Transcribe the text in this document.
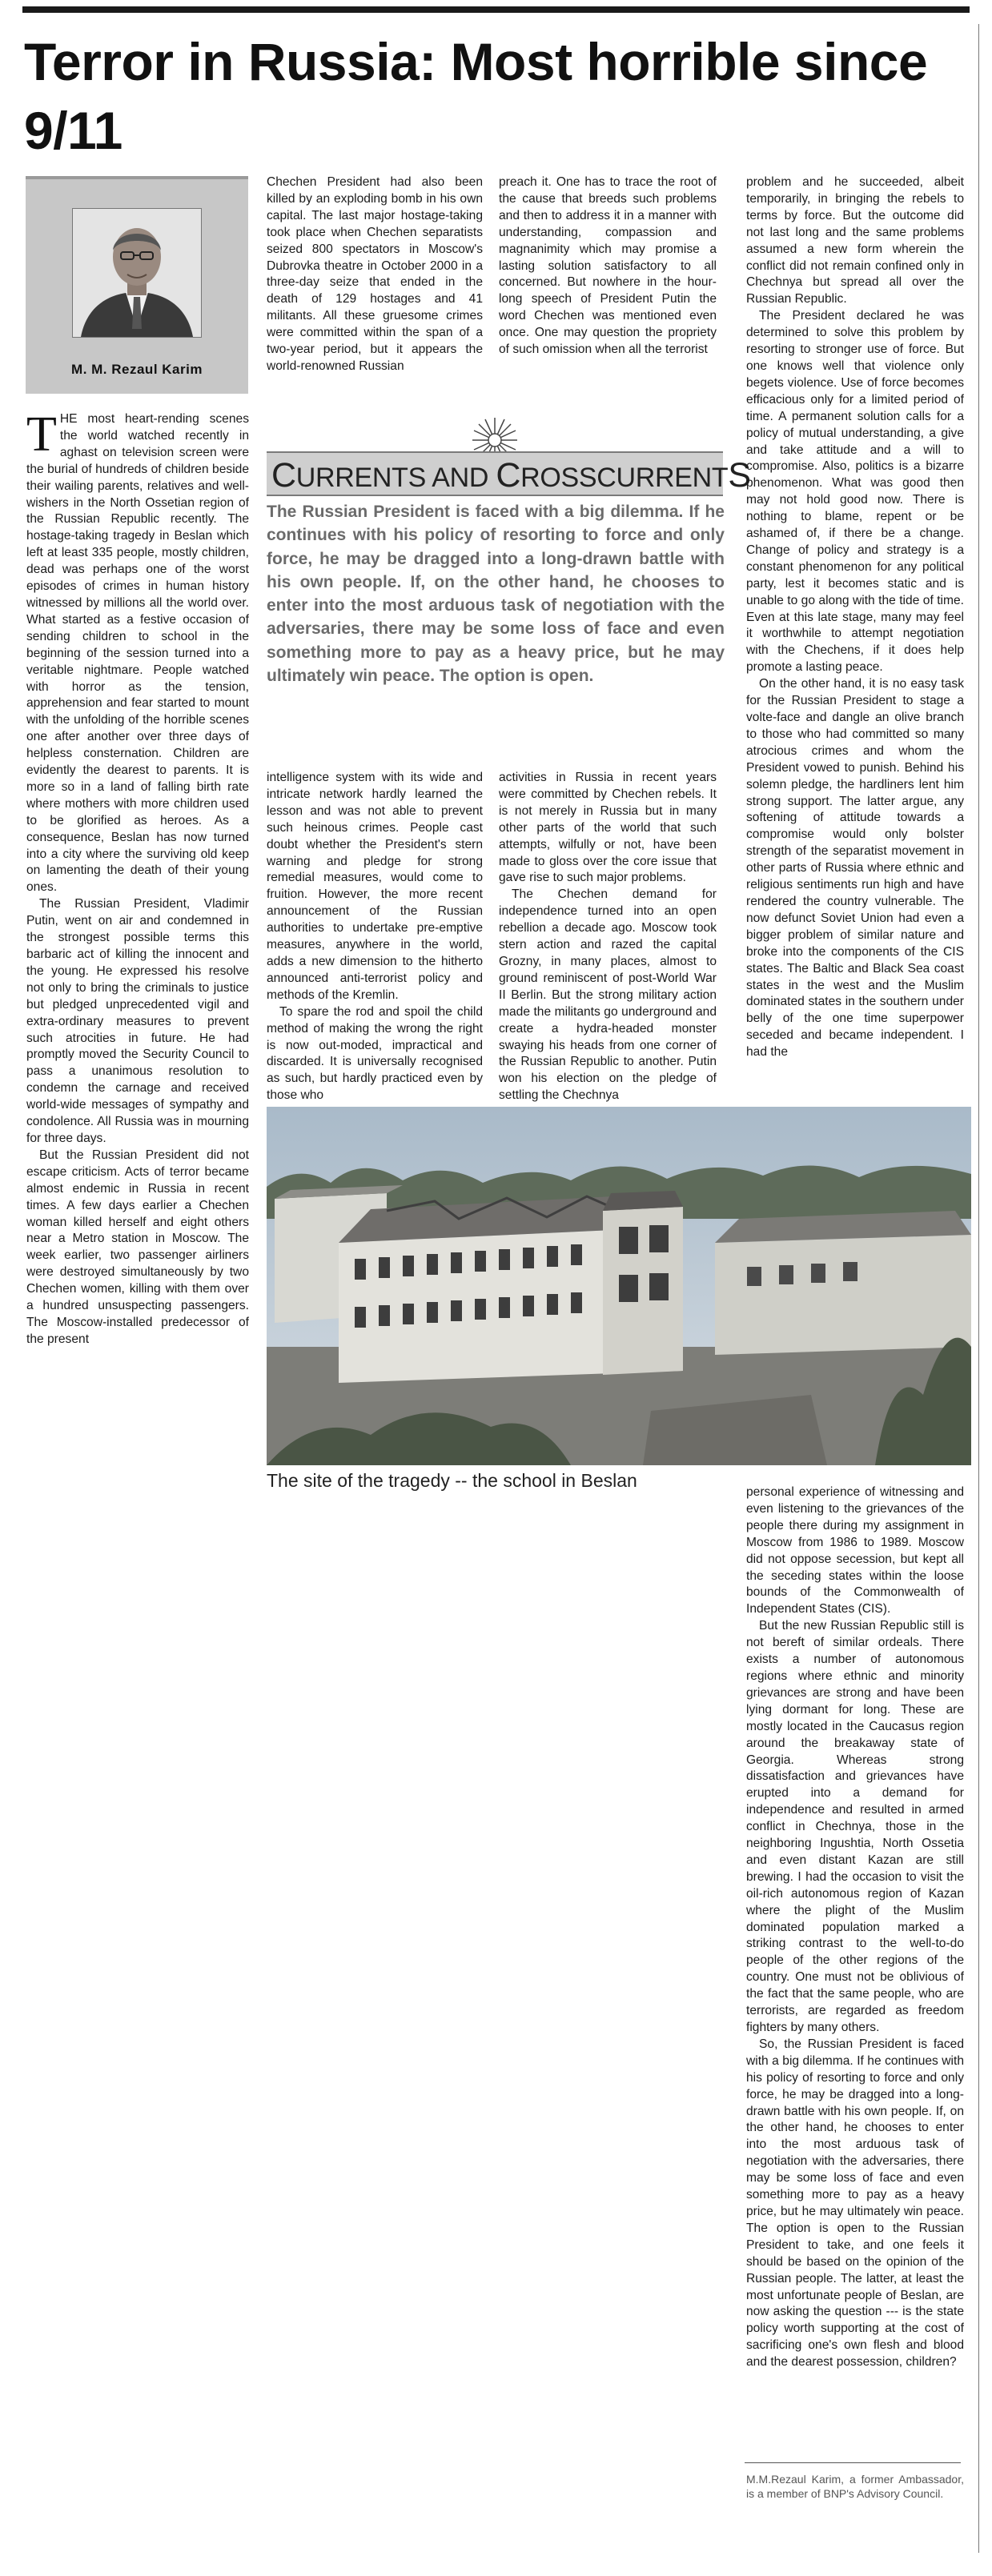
Terror in Russia: Most horrible since 9/11
M. M. Rezaul Karim

THE most heart-rending scenes the world watched recently in aghast on television screen were the burial of hundreds of children beside their wailing parents, relatives and well-wishers in the North Ossetian region of the Russian Republic recently. The hostage-taking tragedy in Beslan which left at least 335 people, mostly children, dead was perhaps one of the worst episodes of crimes in human history witnessed by millions all the world over. What started as a festive occasion of sending children to school in the beginning of the session turned into a veritable nightmare. People watched with horror as the tension, apprehension and fear started to mount with the unfolding of the horrible scenes one after another over three days of helpless consternation. Children are evidently the dearest to parents. It is more so in a land of falling birth rate where mothers with more children used to be glorified as heroes. As a consequence, Beslan has now turned into a city where the surviving old keep on lamenting the death of their young ones.

The Russian President, Vladimir Putin, went on air and condemned in the strongest possible terms this barbaric act of killing the innocent and the young. He expressed his resolve not only to bring the criminals to justice but pledged unprecedented vigil and extra-ordinary measures to prevent such atrocities in future. He had promptly moved the Security Council to pass a unanimous resolution to condemn the carnage and received world-wide messages of sympathy and condolence. All Russia was in mourning for three days.

But the Russian President did not escape criticism. Acts of terror became almost endemic in Russia in recent times. A few days earlier a Chechen woman killed herself and eight others near a Metro station in Moscow. The week earlier, two passenger airliners were destroyed simultaneously by two Chechen women, killing with them over a hundred unsuspecting passengers. The Moscow-installed predecessor of the present

Chechen President had also been killed by an exploding bomb in his own capital. The last major hostage-taking took place when Chechen separatists seized 800 spectators in Moscow's Dubrovka theatre in October 2000 in a three-day seize that ended in the death of 129 hostages and 41 militants. All these gruesome crimes were committed within the span of a two-year period, but it appears the world-renowned Russian

preach it. One has to trace the root of the cause that breeds such problems and then to address it in a manner with understanding, compassion and magnanimity which may promise a lasting solution satisfactory to all concerned. But nowhere in the hour-long speech of President Putin the word Chechen was mentioned even once. One may question the propriety of such omission when all the terrorist

CURRENTS AND CROSSCURRENTS

The Russian President is faced with a big dilemma. If he continues with his policy of resorting to force and only force, he may be dragged into a long-drawn battle with his own people. If, on the other hand, he chooses to enter into the most arduous task of negotiation with the adversaries, there may be some loss of face and even something more to pay as a heavy price, but he may ultimately win peace. The option is open.

intelligence system with its wide and intricate network hardly learned the lesson and was not able to prevent such heinous crimes. People cast doubt whether the President's stern warning and pledge for strong remedial measures, would come to fruition. However, the more recent announcement of the Russian authorities to undertake pre-emptive measures, anywhere in the world, adds a new dimension to the hitherto announced anti-terrorist policy and methods of the Kremlin.

To spare the rod and spoil the child method of making the wrong the right is now out-moded, impractical and discarded. It is universally recognised as such, but hardly practiced even by those who

activities in Russia in recent years were committed by Chechen rebels. It is not merely in Russia but in many other parts of the world that such attempts, wilfully or not, have been made to gloss over the core issue that gave rise to such major problems.

The Chechen demand for independence turned into an open rebellion a decade ago. Moscow took stern action and razed the capital Grozny, in many places, almost to ground reminiscent of post-World War II Berlin. But the strong military action made the militants go underground and create a hydra-headed monster swaying his heads from one corner of the Russian Republic to another. Putin won his election on the pledge of settling the Chechnya

problem and he succeeded, albeit temporarily, in bringing the rebels to terms by force. But the outcome did not last long and the same problems assumed a new form wherein the conflict did not remain confined only in Chechnya but spread all over the Russian Republic.

The President declared he was determined to solve this problem by resorting to stronger use of force. But one knows well that violence only begets violence. Use of force becomes efficacious only for a limited period of time. A permanent solution calls for a policy of mutual understanding, a give and take attitude and a will to compromise. Also, politics is a bizarre phenomenon. What was good then may not hold good now. There is nothing to blame, repent or be ashamed of, if there be a change. Change of policy and strategy is a constant phenomenon for any political party, lest it becomes static and is unable to go along with the tide of time. Even at this late stage, many may feel it worthwhile to attempt negotiation with the Chechens, if it does help promote a lasting peace.

On the other hand, it is no easy task for the Russian President to stage a volte-face and dangle an olive branch to those who had committed so many atrocious crimes and whom the President vowed to punish. Behind his solemn pledge, the hardliners lent him strong support. The latter argue, any softening of attitude towards a compromise would only bolster strength of the separatist movement in other parts of Russia where ethnic and religious sentiments run high and have rendered the country vulnerable. The now defunct Soviet Union had even a bigger problem of similar nature and broke into the components of the CIS states. The Baltic and Black Sea coast states in the west and the Muslim dominated states in the southern under belly of the one time superpower seceded and became independent. I had the

The site of the tragedy -- the school in Beslan

personal experience of witnessing and even listening to the grievances of the people there during my assignment in Moscow from 1986 to 1989. Moscow did not oppose secession, but kept all the seceding states within the loose bounds of the Commonwealth of Independent States (CIS).

But the new Russian Republic still is not bereft of similar ordeals. There exists a number of autonomous regions where ethnic and minority grievances are strong and have been lying dormant for long. These are mostly located in the Caucasus region around the breakaway state of Georgia. Whereas strong dissatisfaction and grievances have erupted into a demand for independence and resulted in armed conflict in Chechnya, those in the neighboring Ingushtia, North Ossetia and even distant Kazan are still brewing. I had the occasion to visit the oil-rich autonomous region of Kazan where the plight of the Muslim dominated population marked a striking contrast to the well-to-do people of the other regions of the country. One must not be oblivious of the fact that the same people, who are terrorists, are regarded as freedom fighters by many others.

So, the Russian President is faced with a big dilemma. If he continues with his policy of resorting to force and only force, he may be dragged into a long-drawn battle with his own people. If, on the other hand, he chooses to enter into the most arduous task of negotiation with the adversaries, there may be some loss of face and even something more to pay as a heavy price, but he may ultimately win peace. The option is open to the Russian President to take, and one feels it should be based on the opinion of the Russian people. The latter, at least the most unfortunate people of Beslan, are now asking the question --- is the state policy worth supporting at the cost of sacrificing one's own flesh and blood and the dearest possession, children?

M.M.Rezaul Karim, a former Ambassador, is a member of BNP's Advisory Council.
